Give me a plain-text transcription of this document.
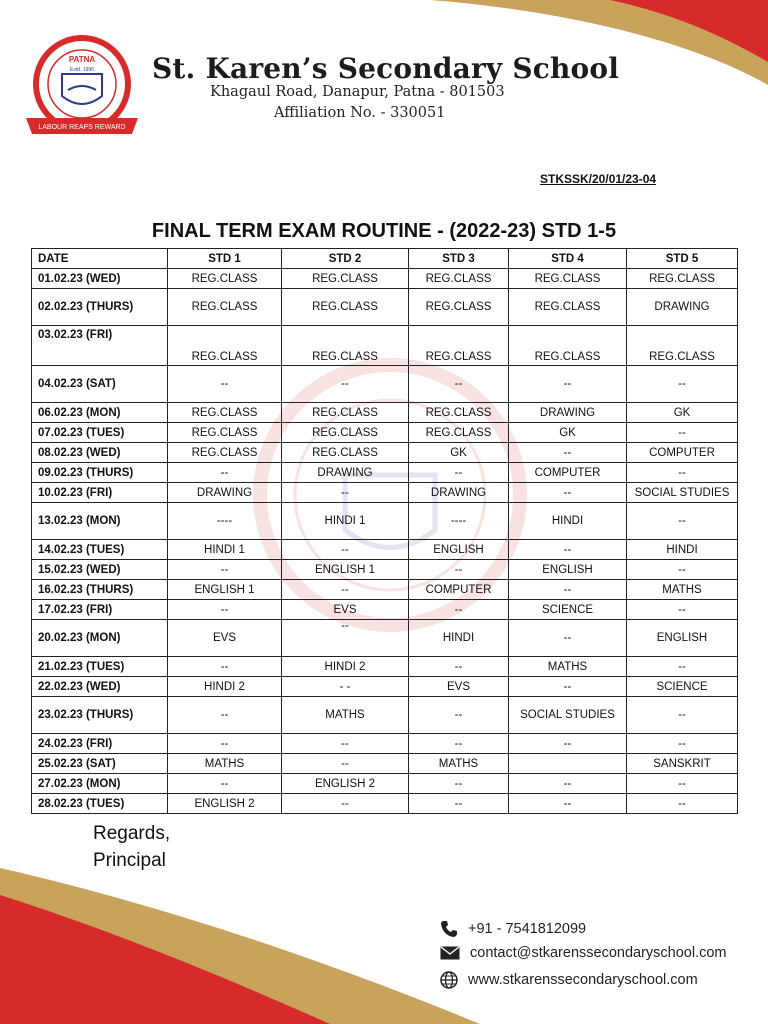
LABOUR REAPS REWARD
PATNA
Estd. 1990 St. Karen’s Secondary School
Khagaul Road, Danapur, Patna - 801503
Affiliation No. - 330051
STKSSK/20/01/23-04
FINAL TERM EXAM ROUTINE - (2022-23) STD 1-5
DATE	STD 1	STD 2	STD 3	STD 4	STD 5
01.02.23 (WED)	REG.CLASS	REG.CLASS	REG.CLASS	REG.CLASS	REG.CLASS
02.02.23 (THURS)	REG.CLASS	REG.CLASS	REG.CLASS	REG.CLASS	DRAWING
03.02.23 (FRI)	REG.CLASS	REG.CLASS	REG.CLASS	REG.CLASS	REG.CLASS
04.02.23 (SAT)	--	--	--	--	--
06.02.23 (MON)	REG.CLASS	REG.CLASS	REG.CLASS	DRAWING	GK
07.02.23 (TUES)	REG.CLASS	REG.CLASS	REG.CLASS	GK	--
08.02.23 (WED)	REG.CLASS	REG.CLASS	GK	--	COMPUTER
09.02.23 (THURS)	--	DRAWING	--	COMPUTER	--
10.02.23 (FRI)	DRAWING	--	DRAWING	--	SOCIAL STUDIES
13.02.23 (MON)	----	HINDI 1	----	HINDI	--
14.02.23 (TUES)	HINDI 1	--	ENGLISH	--	HINDI
15.02.23 (WED)	--	ENGLISH 1	--	ENGLISH	--
16.02.23 (THURS)	ENGLISH 1	--	COMPUTER	--	MATHS
17.02.23 (FRI)	--	EVS	--	SCIENCE	--
20.02.23 (MON)	EVS	--	HINDI	--	ENGLISH
21.02.23 (TUES)	--	HINDI 2	--	MATHS	--
22.02.23 (WED)	HINDI 2	- -	EVS	--	SCIENCE
23.02.23 (THURS)	--	MATHS	--	SOCIAL STUDIES	--
24.02.23 (FRI)	--	--	--	--	--
25.02.23 (SAT)	MATHS	--	MATHS		SANSKRIT
27.02.23 (MON)	--	ENGLISH 2	--	--	--
28.02.23 (TUES)	ENGLISH 2	--	--	--	--
Regards,
Principal
+91 - 7541812099
contact@stkarenssecondaryschool.com
www.stkarenssecondaryschool.com
